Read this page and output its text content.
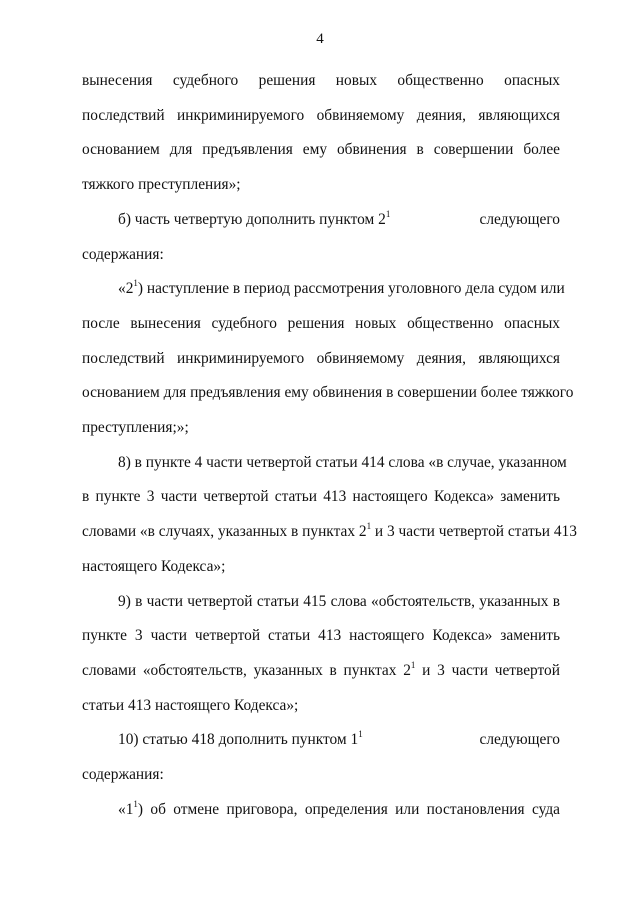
4
вынесения судебного решения новых общественно опасных
последствий инкриминируемого обвиняемому деяния, являющихся
основанием для предъявления ему обвинения в совершении более
тяжкого преступления»;
б) часть четвертую дополнить пунктом $2^1$	следующего
содержания:
«$2^1$) наступление в период рассмотрения уголовного дела судом или
после вынесения судебного решения новых общественно опасных
последствий инкриминируемого обвиняемому деяния, являющихся
основанием для предъявления ему обвинения в совершении более тяжкого
преступления;»;
8) в пункте 4 части четвертой статьи 414 слова «в случае, указанном
в пункте 3 части четвертой статьи 413 настоящего Кодекса» заменить
словами «в случаях, указанных в пунктах $2^1$ и 3 части четвертой статьи 413
настоящего Кодекса»;
9) в части четвертой статьи 415 слова «обстоятельств, указанных в
пункте 3 части четвертой статьи 413 настоящего Кодекса» заменить
словами «обстоятельств, указанных в пунктах $2^1$ и 3 части четвертой
статьи 413 настоящего Кодекса»;
10) статью 418 дополнить пунктом $1^1$	следующего
содержания:
«$1^1$) об отмене приговора, определения или постановления суда
